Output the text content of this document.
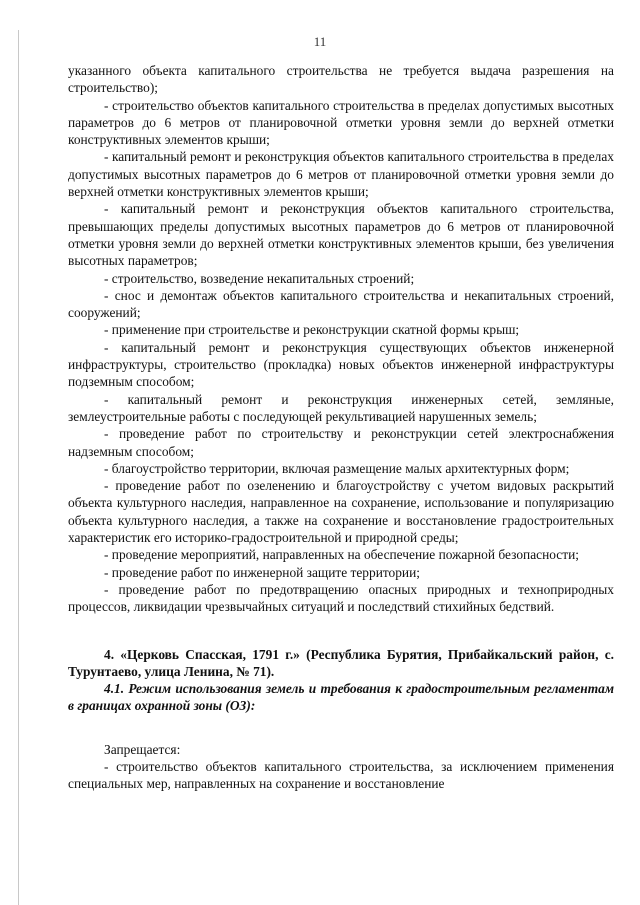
11

указанного объекта капитального строительства не требуется выдача разрешения на строительство);

- строительство объектов капитального строительства в пределах допустимых высотных параметров до 6 метров от планировочной отметки уровня земли до верхней отметки конструктивных элементов крыши;

- капитальный ремонт и реконструкция объектов капитального строительства в пределах допустимых высотных параметров до 6 метров от планировочной отметки уровня земли до верхней отметки конструктивных элементов крыши;

- капитальный ремонт и реконструкция объектов капитального строительства, превышающих пределы допустимых высотных параметров до 6 метров от планировочной отметки уровня земли до верхней отметки конструктивных элементов крыши, без увеличения высотных параметров;

- строительство, возведение некапитальных строений;

- снос и демонтаж объектов капитального строительства и некапитальных строений, сооружений;

- применение при строительстве и реконструкции скатной формы крыш;

- капитальный ремонт и реконструкция существующих объектов инженерной инфраструктуры, строительство (прокладка) новых объектов инженерной инфраструктуры подземным способом;

- капитальный ремонт и реконструкция инженерных сетей, земляные, землеустроительные работы с последующей рекультивацией нарушенных земель;

- проведение работ по строительству и реконструкции сетей электроснабжения надземным способом;

- благоустройство территории, включая размещение малых архитектурных форм;

- проведение работ по озеленению и благоустройству с учетом видовых раскрытий объекта культурного наследия, направленное на сохранение, использование и популяризацию объекта культурного наследия, а также на сохранение и восстановление градостроительных характеристик его историко-градостроительной и природной среды;

- проведение мероприятий, направленных на обеспечение пожарной безопасности;

- проведение работ по инженерной защите территории;

- проведение работ по предотвращению опасных природных и техноприродных процессов, ликвидации чрезвычайных ситуаций и последствий стихийных бедствий.

4. «Церковь Спасская, 1791 г.» (Республика Бурятия, Прибайкальский район, с. Турунтаево, улица Ленина, № 71).

4.1. Режим использования земель и требования к градостроительным регламентам в границах охранной зоны (ОЗ):

Запрещается:

- строительство объектов капитального строительства, за исключением применения специальных мер, направленных на сохранение и восстановление
